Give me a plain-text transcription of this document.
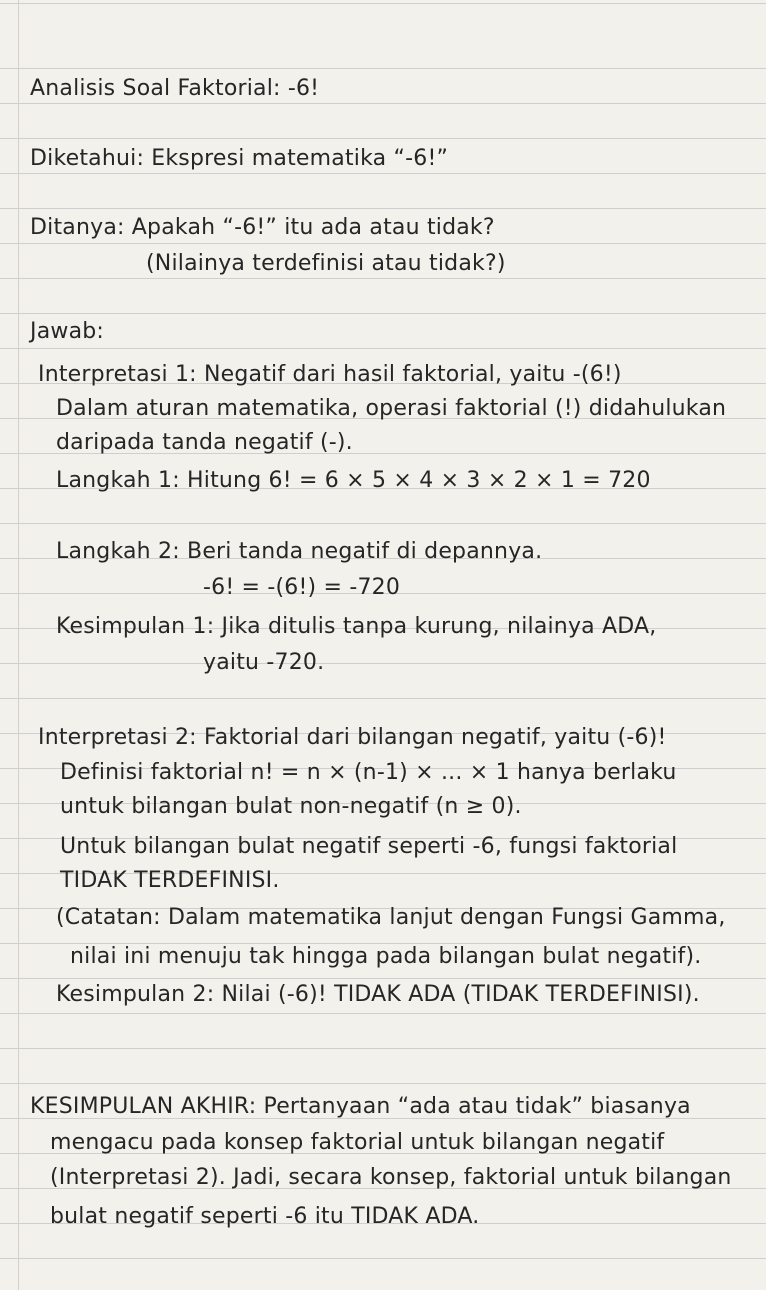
Analisis Soal Faktorial: -6!
Diketahui: Ekspresi matematika “-6!”
Ditanya: Apakah “-6!” itu ada atau tidak?
(Nilainya terdefinisi atau tidak?)
Jawab:
Interpretasi 1: Negatif dari hasil faktorial, yaitu -(6!)
Dalam aturan matematika, operasi faktorial (!) didahulukan
daripada tanda negatif (-).
Langkah 1: Hitung 6! = 6 × 5 × 4 × 3 × 2 × 1 = 720
Langkah 2: Beri tanda negatif di depannya.
-6! = -(6!) = -720
Kesimpulan 1: Jika ditulis tanpa kurung, nilainya ADA,
yaitu -720.
Interpretasi 2: Faktorial dari bilangan negatif, yaitu (-6)!
Definisi faktorial n! = n × (n-1) × ... × 1 hanya berlaku
untuk bilangan bulat non-negatif (n ≥ 0).
Untuk bilangan bulat negatif seperti -6, fungsi faktorial
TIDAK TERDEFINISI.
(Catatan: Dalam matematika lanjut dengan Fungsi Gamma,
nilai ini menuju tak hingga pada bilangan bulat negatif).
Kesimpulan 2: Nilai (-6)! TIDAK ADA (TIDAK TERDEFINISI).
KESIMPULAN AKHIR: Pertanyaan “ada atau tidak” biasanya
mengacu pada konsep faktorial untuk bilangan negatif
(Interpretasi 2). Jadi, secara konsep, faktorial untuk bilangan
bulat negatif seperti -6 itu TIDAK ADA.
